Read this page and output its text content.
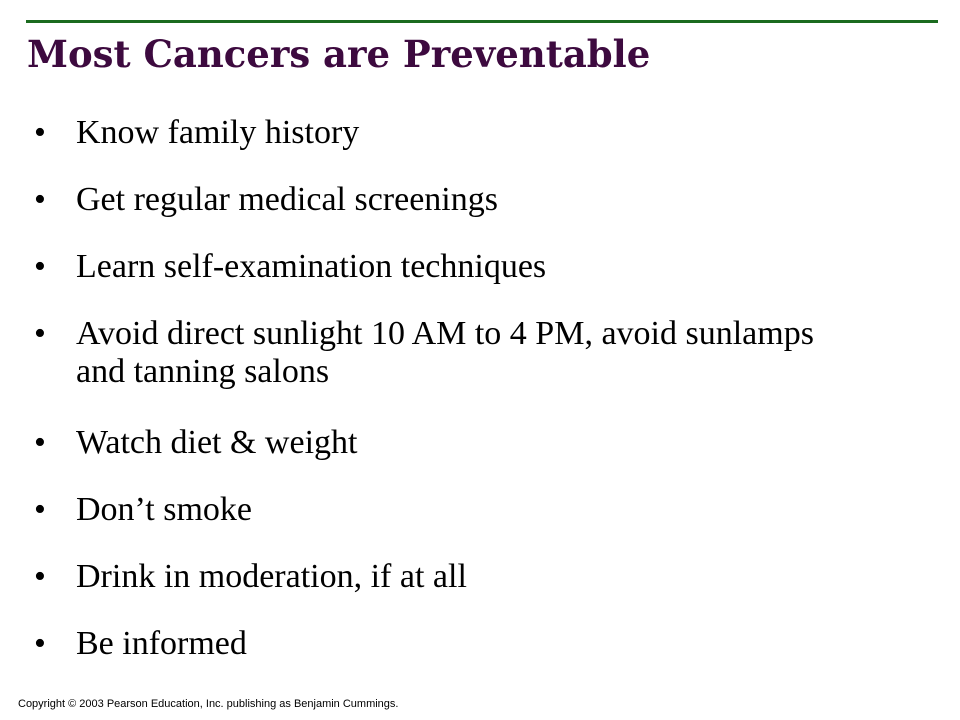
Most Cancers are Preventable
• Know family history
• Get regular medical screenings
• Learn self-examination techniques
• Avoid direct sunlight 10 AM to 4 PM, avoid sunlamps and tanning salons
• Watch diet & weight
• Don’t smoke
• Drink in moderation, if at all
• Be informed
Copyright © 2003 Pearson Education, Inc. publishing as Benjamin Cummings.
